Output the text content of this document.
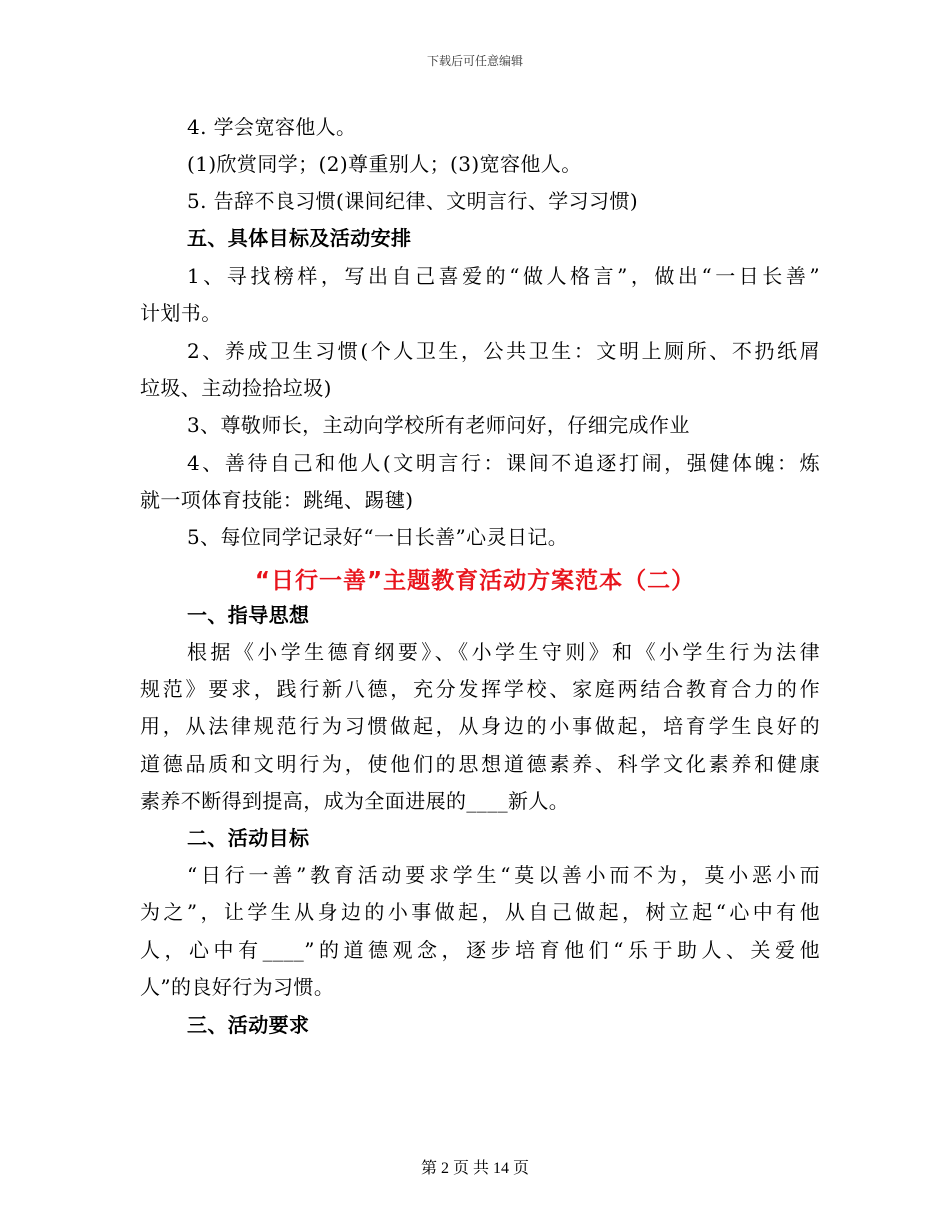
下载后可任意编辑
4. 学会宽容他人。
(1)欣赏同学；(2)尊重别人；(3)宽容他人。
5. 告辞不良习惯(课间纪律、文明言行、学习习惯)
五、具体目标及活动安排
1、寻找榜样，写出自己喜爱的“做人格言”，做出“一日长善”
计划书。
2、养成卫生习惯(个人卫生，公共卫生：文明上厕所、不扔纸屑
垃圾、主动捡拾垃圾)
3、尊敬师长，主动向学校所有老师问好，仔细完成作业
4、善待自己和他人(文明言行：课间不追逐打闹，强健体魄：炼
就一项体育技能：跳绳、踢毽)
5、每位同学记录好“一日长善”心灵日记。
“日行一善”主题教育活动方案范本（二）
一、指导思想
根据《小学生德育纲要》、《小学生守则》和《小学生行为法律
规范》要求，践行新八德，充分发挥学校、家庭两结合教育合力的作
用，从法律规范行为习惯做起，从身边的小事做起，培育学生良好的
道德品质和文明行为，使他们的思想道德素养、科学文化素养和健康
素养不断得到提高，成为全面进展的____新人。
二、活动目标
“日行一善”教育活动要求学生“莫以善小而不为，莫小恶小而
为之”，让学生从身边的小事做起，从自己做起，树立起“心中有他
人，心中有____”的道德观念，逐步培育他们“乐于助人、关爱他
人”的良好行为习惯。
三、活动要求
第 2 页 共 14 页
